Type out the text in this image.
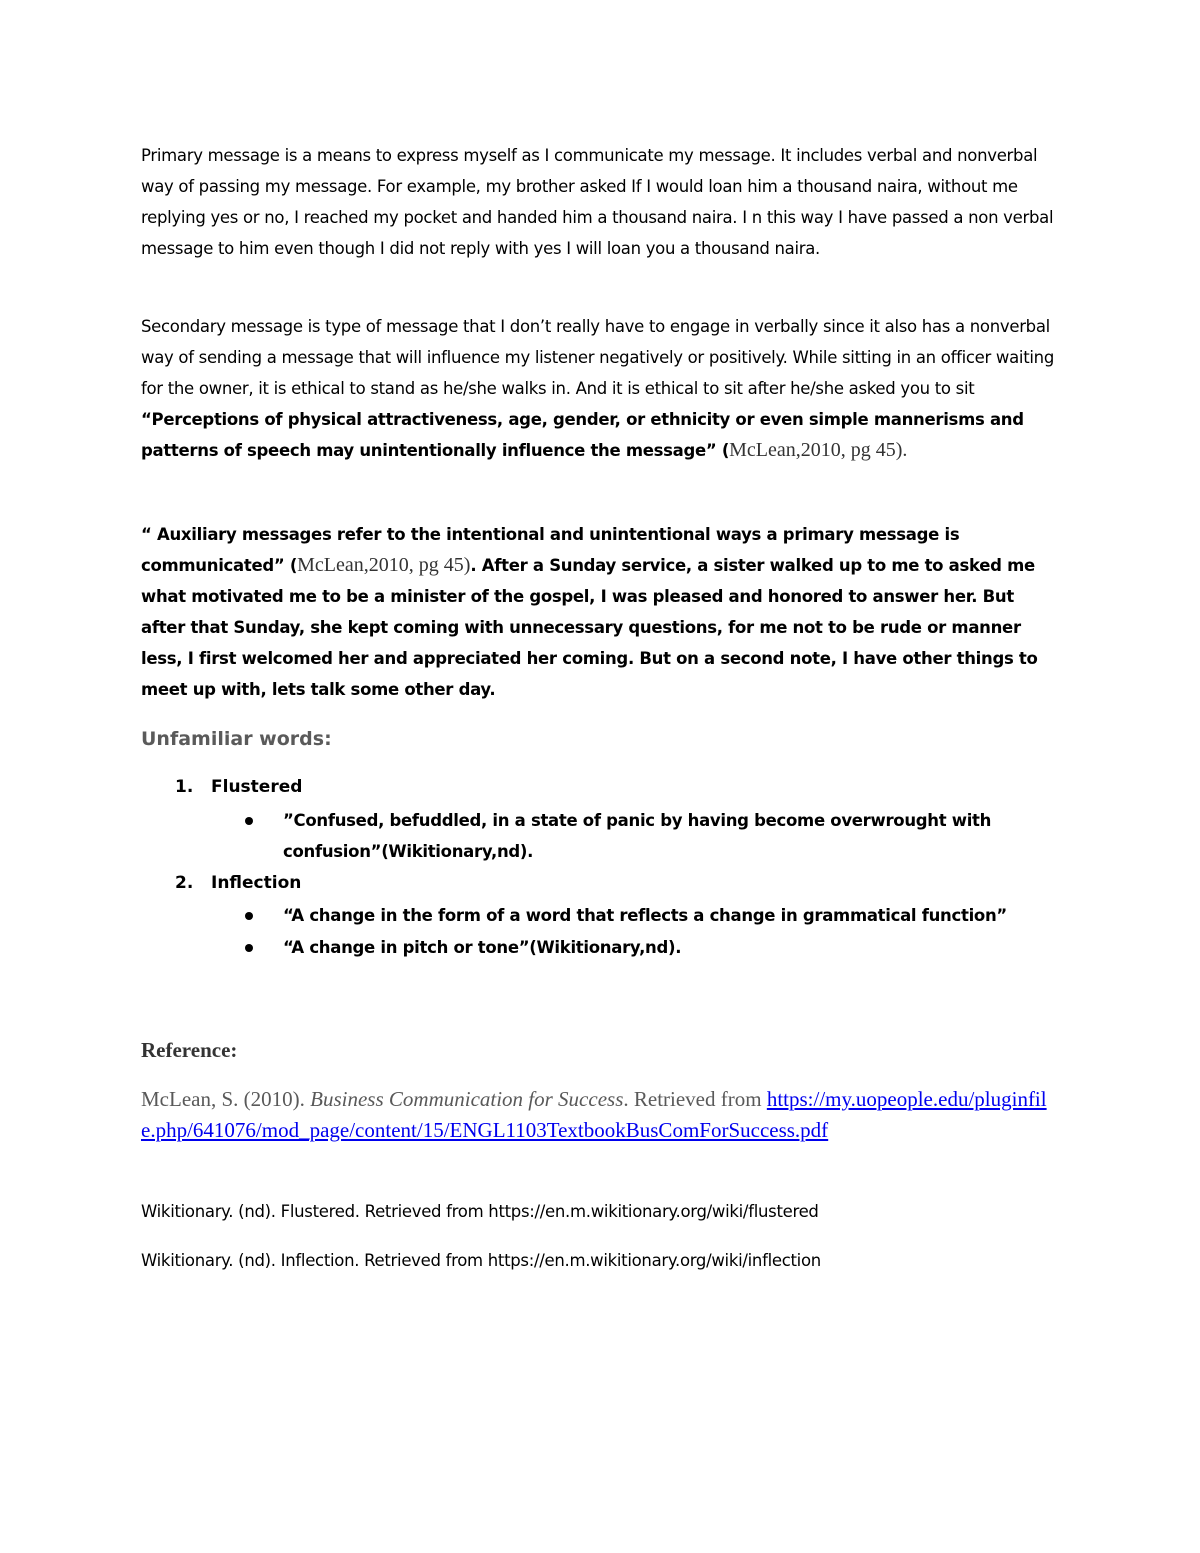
Primary message is a means to express myself as I communicate my message. It includes verbal and nonverbal way of passing my message. For example, my brother asked If I would loan him a thousand naira, without me replying yes or no, I reached my pocket and handed him a thousand naira. I n this way I have passed a non verbal message to him even though I did not reply with yes I will loan you a thousand naira.

Secondary message is type of message that I don’t really have to engage in verbally since it also has a nonverbal way of sending a message that will influence my listener negatively or positively. While sitting in an officer waiting for the owner, it is ethical to stand as he/she walks in. And it is ethical to sit after he/she asked you to sit “Perceptions of physical attractiveness, age, gender, or ethnicity or even simple mannerisms and patterns of speech may unintentionally influence the message” (McLean,2010, pg 45).

“ Auxiliary messages refer to the intentional and unintentional ways a primary message is communicated” (McLean,2010, pg 45). After a Sunday service, a sister walked up to me to asked me what motivated me to be a minister of the gospel, I was pleased and honored to answer her. But after that Sunday, she kept coming with unnecessary questions, for me not to be rude or manner less, I first welcomed her and appreciated her coming. But on a second note, I have other things to meet up with, lets talk some other day.

Unfamiliar words:

1. Flustered

”Confused, befuddled, in a state of panic by having become overwrought with confusion”(Wikitionary,nd).

2. Inflection

“A change in the form of a word that reflects a change in grammatical function”

“A change in pitch or tone”(Wikitionary,nd).

Reference:

McLean, S. (2010). Business Communication for Success. Retrieved from https://my.uopeople.edu/pluginfile.php/641076/mod_page/content/15/ENGL1103TextbookBusComForSuccess.pdf

Wikitionary. (nd). Flustered. Retrieved from https://en.m.wikitionary.org/wiki/flustered

Wikitionary. (nd). Inflection. Retrieved from https://en.m.wikitionary.org/wiki/inflection
